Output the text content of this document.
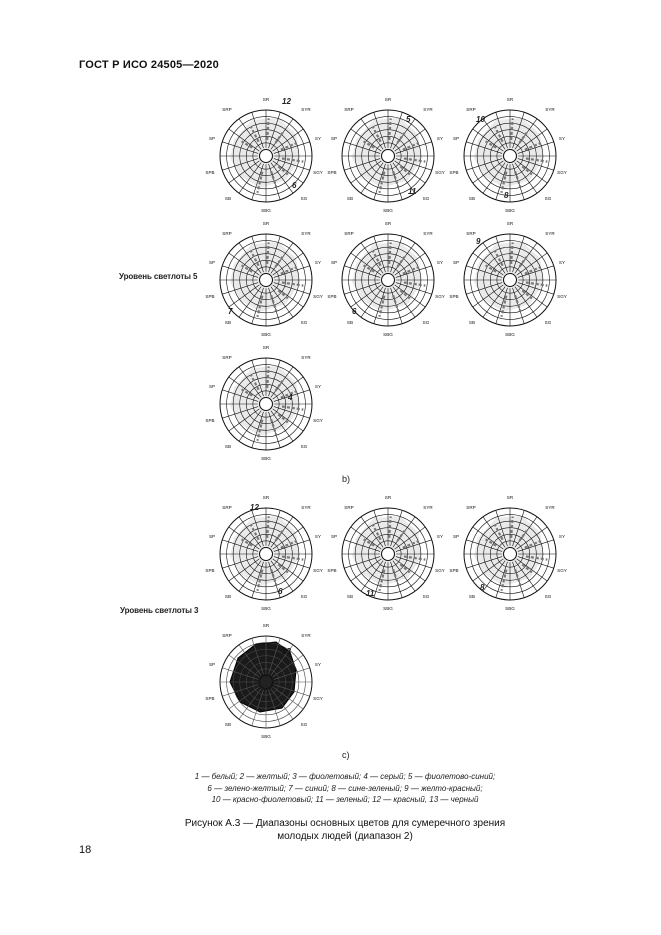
ГОСТ Р ИСО 24505—2020
SR
SRP	SYR
SP	SY
SPB	SGY
SB	SG
SBG
12
6
SR
SRP	SYR
SP	SY
SPB	SGY
SB	SG
SBG
5
11
SR
SRP	SYR
SP	SY
SPB	SGY
SB	SG
SBG
10
8
SR
SRP	SYR
SP	SY
SPB	SGY
SB	SG
SBG
7
SR
SRP	SYR
SP	SY
SPB	SGY
SB	SG
SBG
6
SR
SRP	SYR
SP	SY
SPB	SGY
SB	SG
SBG
9
SR
SRP	SYR
SP	SY
SPB	SGY
SB	SG
SBG
4
Уровень светлоты 5
b)
SR
SRP	SYR
SP	SY
SPB	SGY
SB	SG
SBG
12
6
SR
SRP	SYR
SP	SY
SPB	SGY
SB	SG
SBG
11
SR
SRP	SYR
SP	SY
SPB	SGY
SB	SG
SBG
8
SR
SRP	SYR
SP	SY
SPB	SGY
SB	SG
SBG
13
Уровень светлоты 3
c)
1 — белый; 2 — желтый; 3 — фиолетовый; 4 — серый; 5 — фиолетово-синий;
6 — зелено-желтый; 7 — синий; 8 — сине-зеленый; 9 — желто-красный;
10 — красно-фиолетовый; 11 — зеленый; 12 — красный, 13 — черный
Рисунок А.3 — Диапазоны основных цветов для сумеречного зрения
молодых людей (диапазон 2)
18
